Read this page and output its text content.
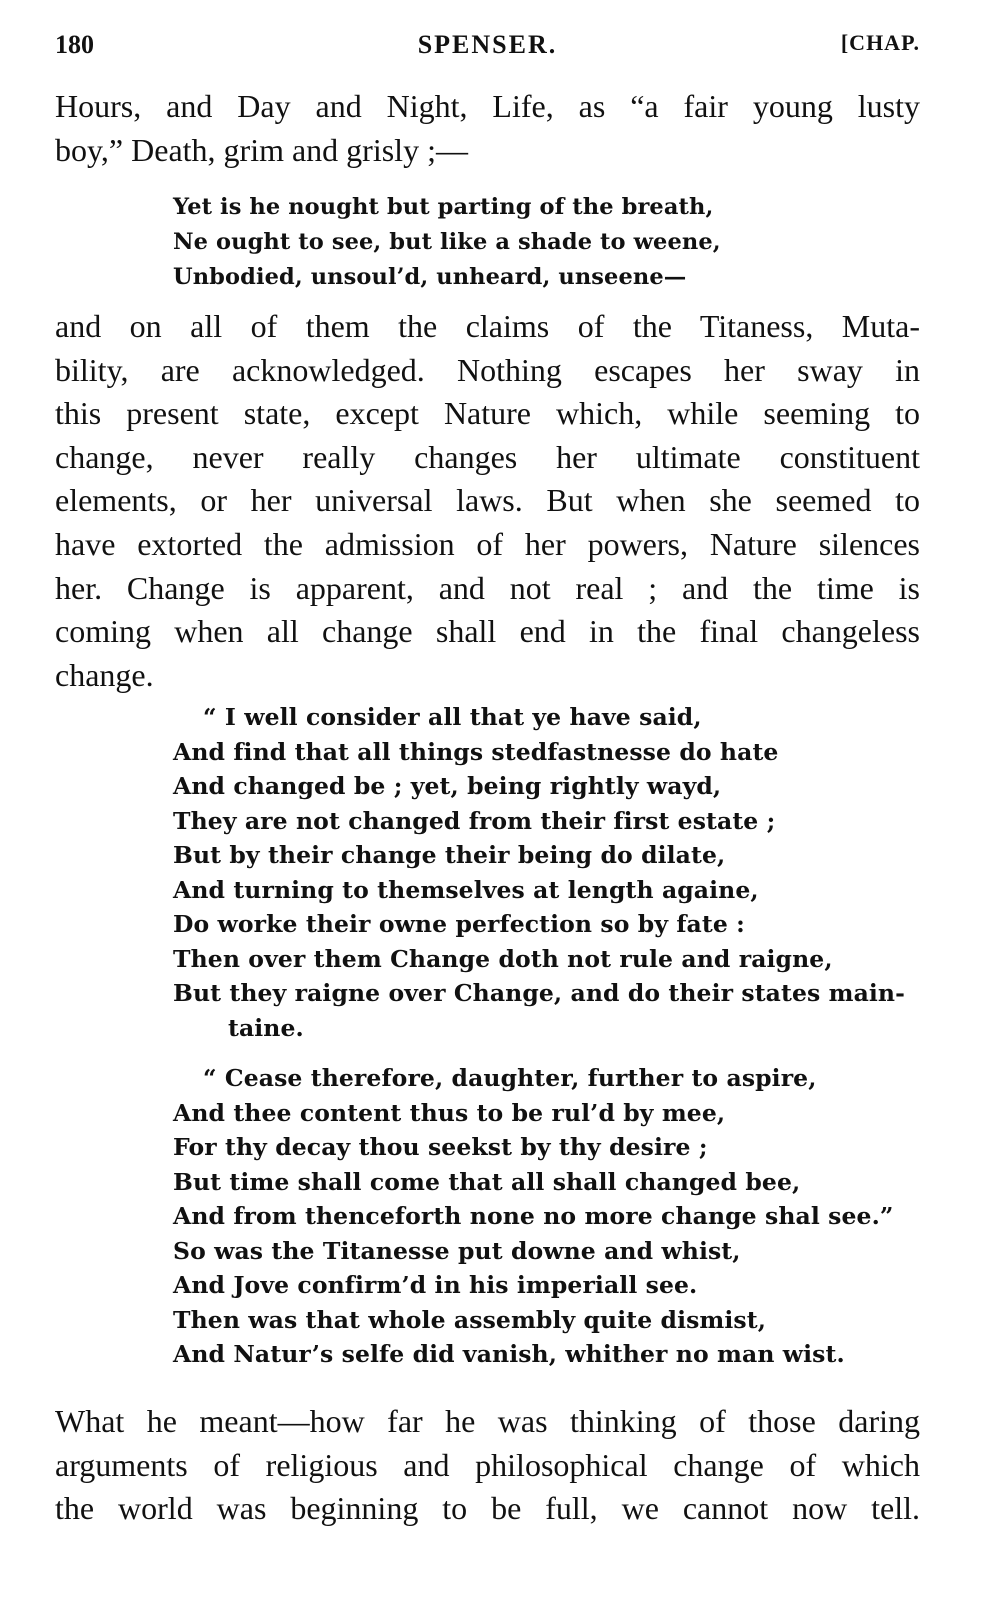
180	SPENSER.	[CHAP.
Hours, and Day and Night, Life, as “a fair young lusty
boy,” Death, grim and grisly ;—
Yet is he nought but parting of the breath,
Ne ought to see, but like a shade to weene,
Unbodied, unsoul’d, unheard, unseene—
and on all of them the claims of the Titaness, Muta-
bility, are acknowledged. Nothing escapes her sway in
this present state, except Nature which, while seeming to
change, never really changes her ultimate constituent
elements, or her universal laws. But when she seemed to
have extorted the admission of her powers, Nature silences
her. Change is apparent, and not real ; and the time is
coming when all change shall end in the final changeless
change.
“ I well consider all that ye have said,
And find that all things stedfastnesse do hate
And changed be ; yet, being rightly wayd,
They are not changed from their first estate ;
But by their change their being do dilate,
And turning to themselves at length againe,
Do worke their owne perfection so by fate :
Then over them Change doth not rule and raigne,
But they raigne over Change, and do their states main-
taine.
“ Cease therefore, daughter, further to aspire,
And thee content thus to be rul’d by mee,
For thy decay thou seekst by thy desire ;
But time shall come that all shall changed bee,
And from thenceforth none no more change shal see.”
So was the Titanesse put downe and whist,
And Jove confirm’d in his imperiall see.
Then was that whole assembly quite dismist,
And Natur’s selfe did vanish, whither no man wist.
What he meant—how far he was thinking of those daring
arguments of religious and philosophical change of which
the world was beginning to be full, we cannot now tell.
